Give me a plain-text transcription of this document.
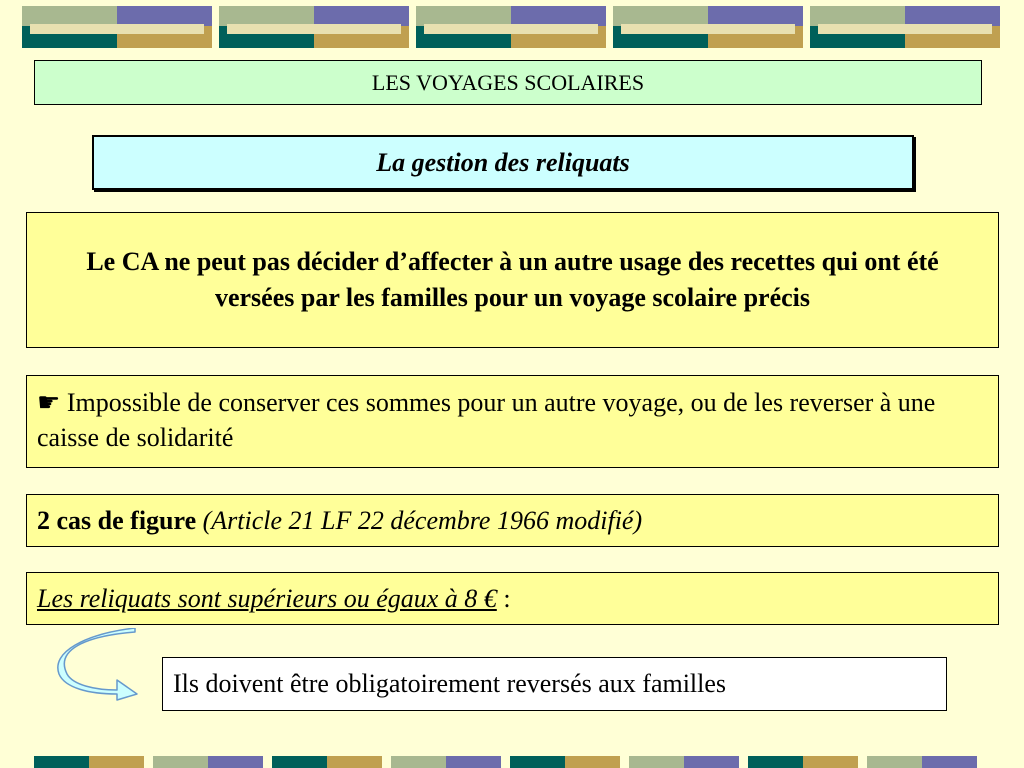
LES VOYAGES SCOLAIRES
La gestion des reliquats
Le CA ne peut pas décider d’affecter à un autre usage des recettes qui ont été versées par les familles pour un voyage scolaire précis
☛ Impossible de conserver ces sommes pour un autre voyage, ou de les reverser à une caisse de solidarité
2 cas de figure (Article 21 LF 22 décembre 1966 modifié)
Les reliquats sont supérieurs ou égaux à 8 € :
Ils doivent être obligatoirement reversés aux familles
